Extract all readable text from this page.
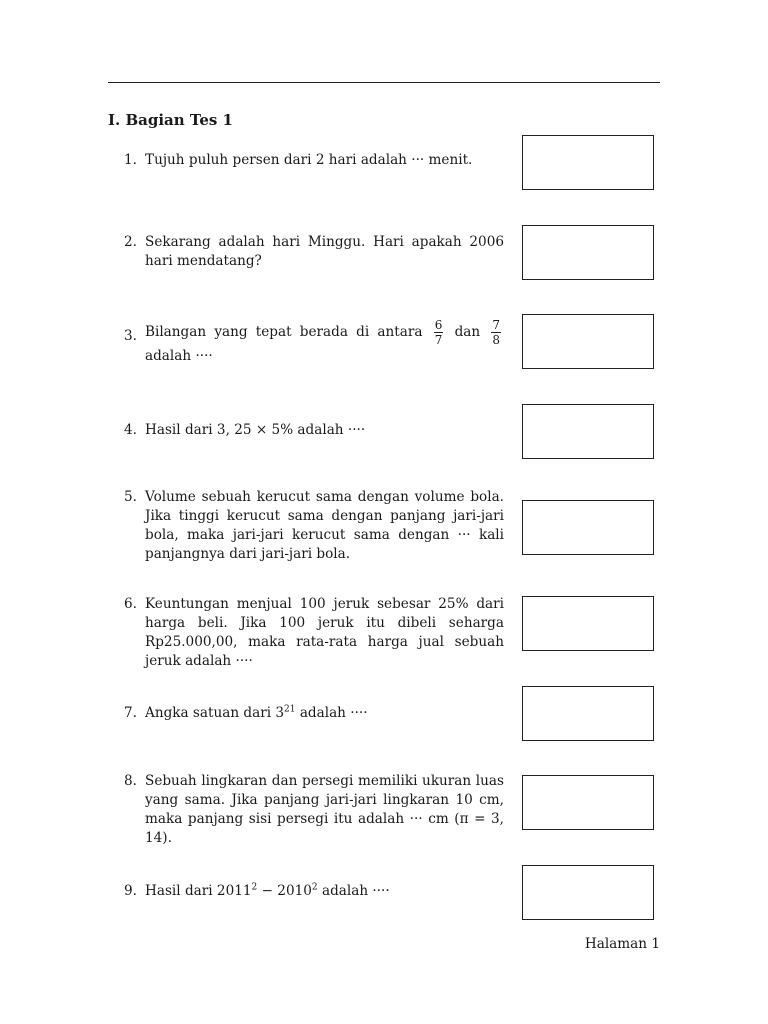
I. Bagian Tes 1
1. Tujuh puluh persen dari 2 hari adalah ··· menit.
2. Sekarang adalah hari Minggu. Hari apakah 2006 hari mendatang?
3. Bilangan yang tepat berada di antara $\frac{6}{7}$ dan $\frac{7}{8}$
adalah ····
4. Hasil dari 3, 25 × 5% adalah ····
5. Volume sebuah kerucut sama dengan volume bola. Jika tinggi kerucut sama dengan panjang jari-jari bola, maka jari-jari kerucut sama dengan ··· kali panjangnya dari jari-jari bola.
6. Keuntungan menjual 100 jeruk sebesar 25% dari harga beli. Jika 100 jeruk itu dibeli seharga Rp25.000,00, maka rata-rata harga jual sebuah jeruk adalah ····
7. Angka satuan dari $3^{21}$ adalah ····
8. Sebuah lingkaran dan persegi memiliki ukuran luas yang sama. Jika panjang jari-jari lingkaran 10 cm, maka panjang sisi persegi itu adalah ··· cm (π = 3, 14).
9. Hasil dari $2011^2 - 2010^2$ adalah ····
Halaman 1
